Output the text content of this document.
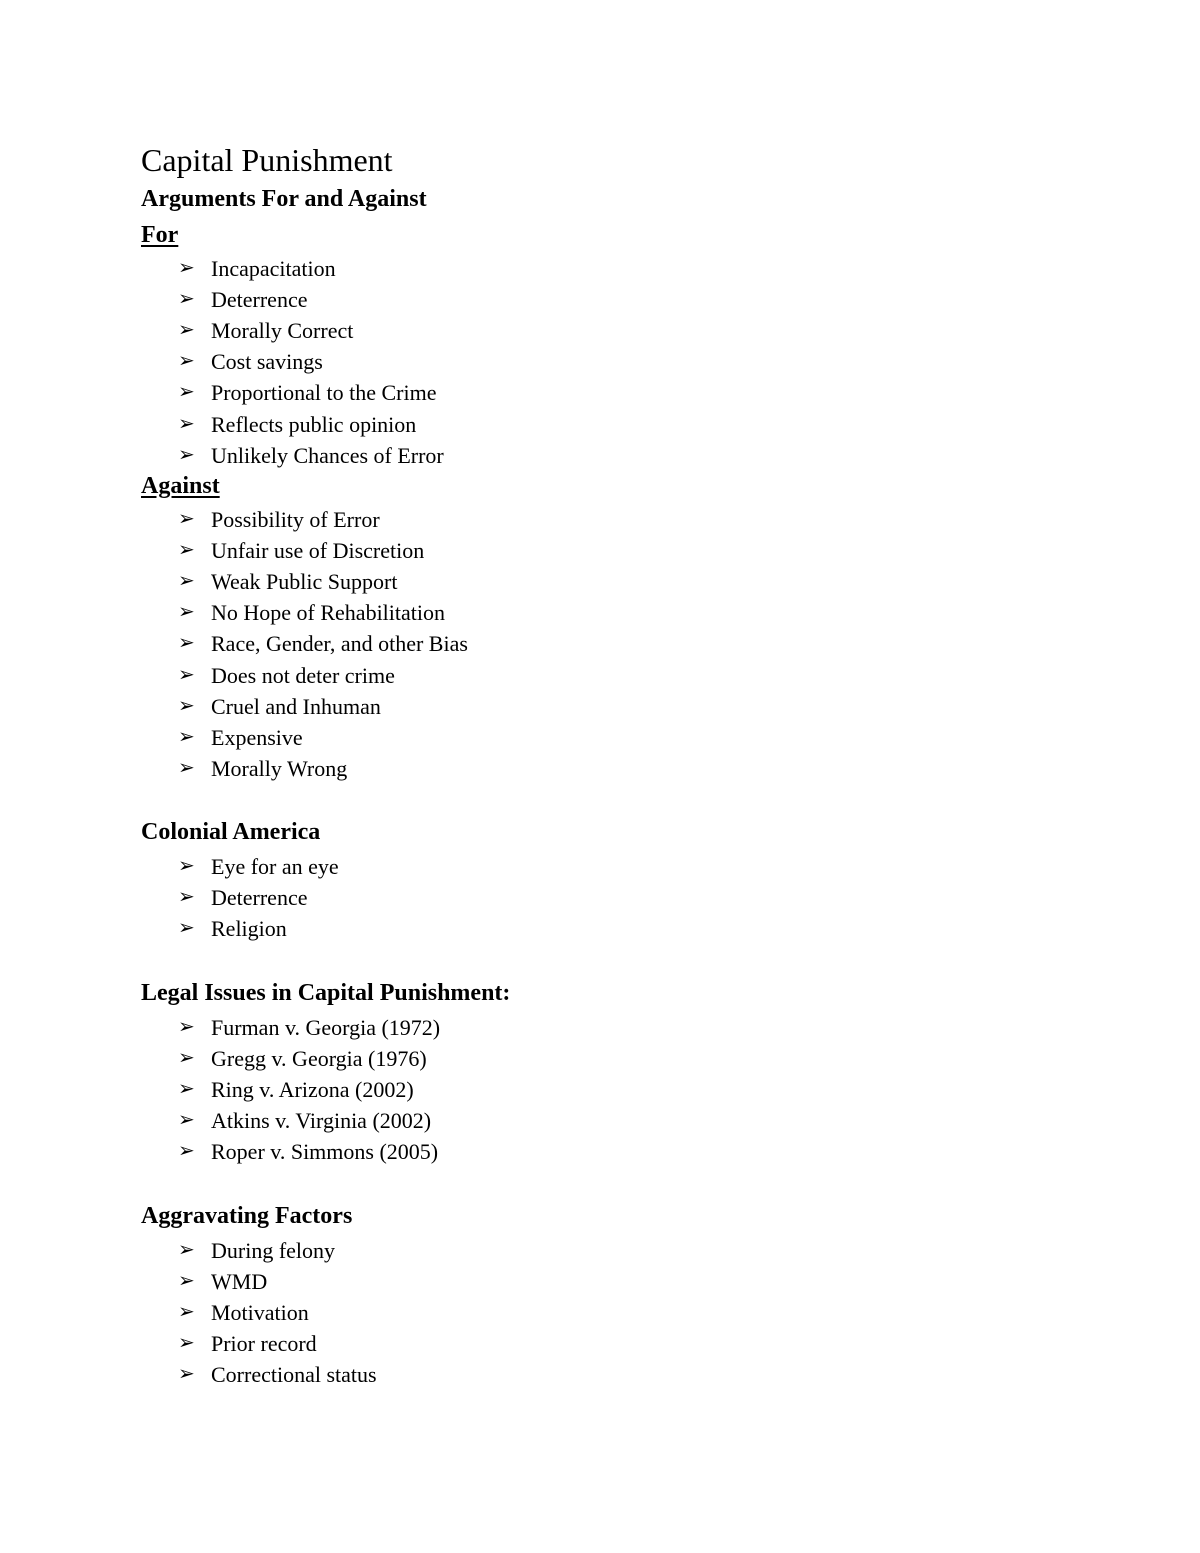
Capital Punishment
Arguments For and Against
For
➢ Incapacitation
➢ Deterrence
➢ Morally Correct
➢ Cost savings
➢ Proportional to the Crime
➢ Reflects public opinion
➢ Unlikely Chances of Error
Against
➢ Possibility of Error
➢ Unfair use of Discretion
➢ Weak Public Support
➢ No Hope of Rehabilitation
➢ Race, Gender, and other Bias
➢ Does not deter crime
➢ Cruel and Inhuman
➢ Expensive
➢ Morally Wrong
Colonial America
➢ Eye for an eye
➢ Deterrence
➢ Religion
Legal Issues in Capital Punishment:
➢ Furman v. Georgia (1972)
➢ Gregg v. Georgia (1976)
➢ Ring v. Arizona (2002)
➢ Atkins v. Virginia (2002)
➢ Roper v. Simmons (2005)
Aggravating Factors
➢ During felony
➢ WMD
➢ Motivation
➢ Prior record
➢ Correctional status
